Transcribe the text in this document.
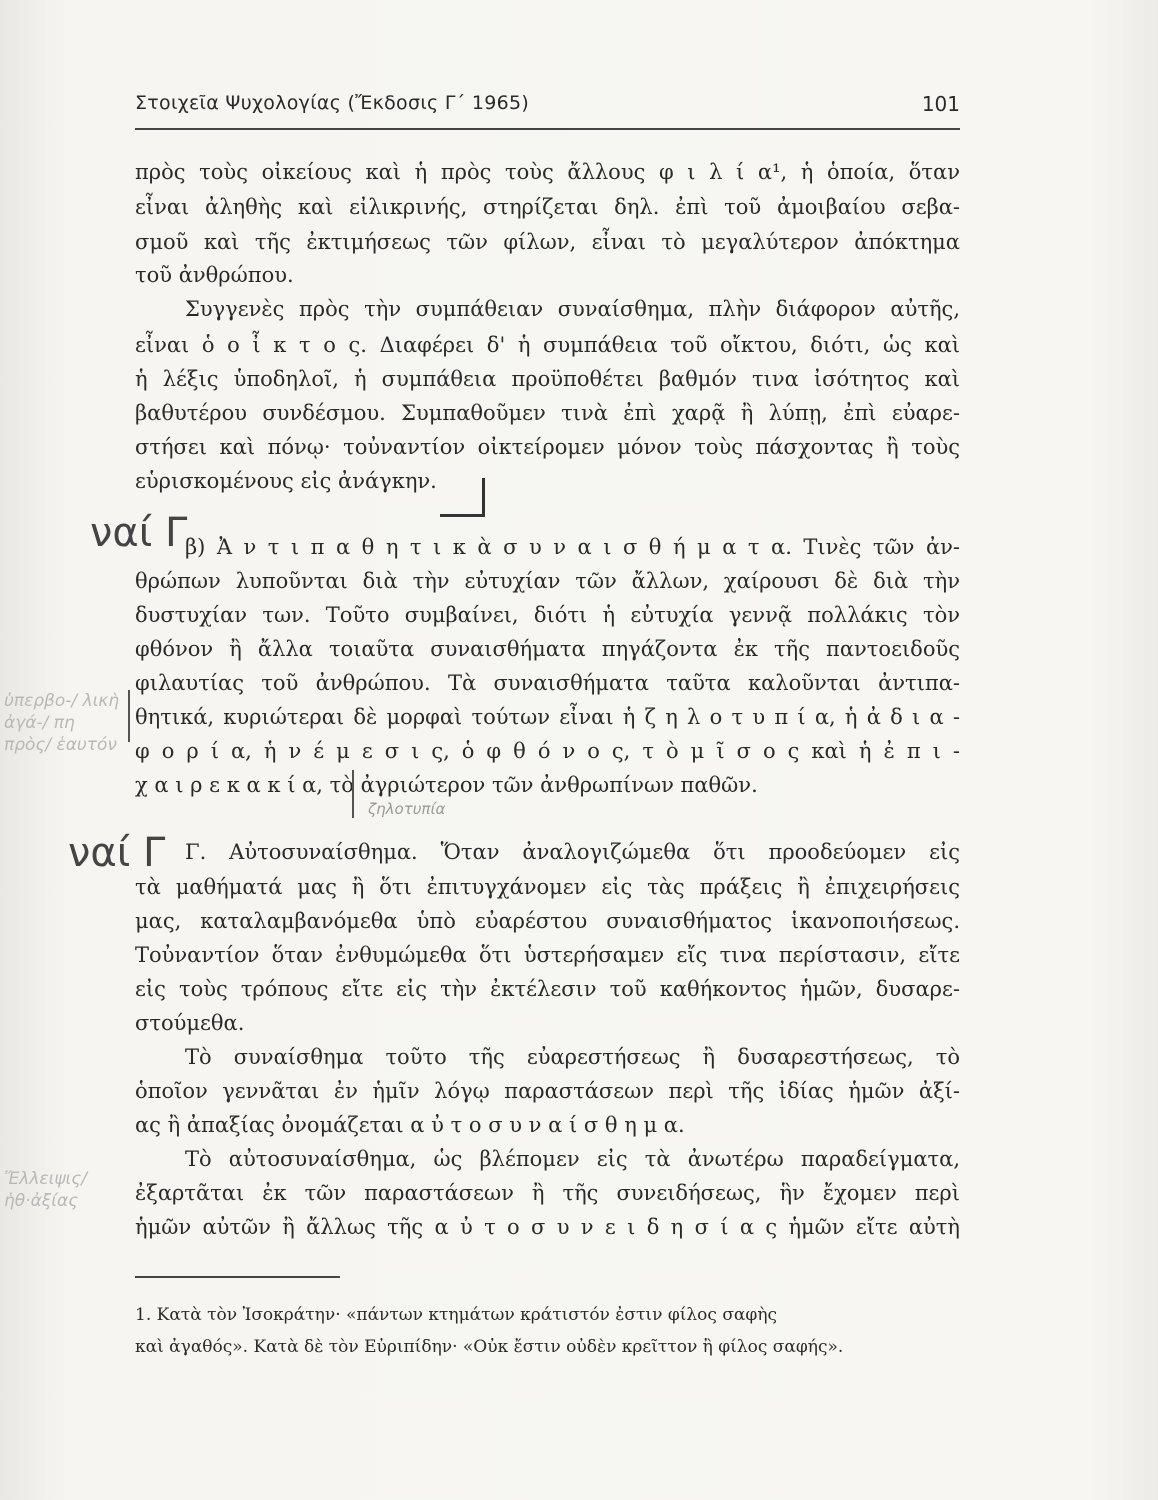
Στοιχεῖα Ψυχολογίας (Ἔκδοσις Γ΄ 1965)	101
πρὸς τοὺς οἰκείους καὶ ἡ πρὸς τοὺς ἄλλους φ ι λ ί α¹, ἡ ὁποία, ὅταν
εἶναι ἀληθὴς καὶ εἰλικρινής, στηρίζεται δηλ. ἐπὶ τοῦ ἀμοιβαίου σεβα-
σμοῦ καὶ τῆς ἐκτιμήσεως τῶν φίλων, εἶναι τὸ μεγαλύτερον ἀπόκτημα
τοῦ ἀνθρώπου.
Συγγενὲς πρὸς τὴν συμπάθειαν συναίσθημα, πλὴν διάφορον αὐτῆς,
εἶναι ὁ ο ἶ κ τ ο ς. Διαφέρει δ' ἡ συμπάθεια τοῦ οἴκτου, διότι, ὡς καὶ
ἡ λέξις ὑποδηλοῖ, ἡ συμπάθεια προϋποθέτει βαθμόν τινα ἰσότητος καὶ
βαθυτέρου συνδέσμου. Συμπαθοῦμεν τινὰ ἐπὶ χαρᾷ ἢ λύπῃ, ἐπὶ εὐαρε-
στήσει καὶ πόνῳ· τοὐναντίον οἰκτείρομεν μόνον τοὺς πάσχοντας ἢ τοὺς
εὑρισκομένους εἰς ἀνάγκην.
ναί Γ
β) Ἀ ν τ ι π α θ η τ ι κ ὰ σ υ ν α ι σ θ ή μ α τ α. Τινὲς τῶν ἀν-
θρώπων λυποῦνται διὰ τὴν εὐτυχίαν τῶν ἄλλων, χαίρουσι δὲ διὰ τὴν
δυστυχίαν των. Τοῦτο συμβαίνει, διότι ἡ εὐτυχία γεννᾷ πολλάκις τὸν
φθόνον ἢ ἄλλα τοιαῦτα συναισθήματα πηγάζοντα ἐκ τῆς παντοειδοῦς
φιλαυτίας τοῦ ἀνθρώπου. Τὰ συναισθήματα ταῦτα καλοῦνται ἀντιπα-
θητικά, κυριώτεραι δὲ μορφαὶ τούτων εἶναι ἡ ζ η λ ο τ υ π ί α, ἡ ἀ δ ι α -
φ ο ρ ί α, ἡ ν έ μ ε σ ι ς, ὁ φ θ ό ν ο ς, τ ὸ μ ῖ σ ο ς καὶ ἡ ἐ π ι -
χ α ι ρ ε κ α κ ί α, τὸ ἀγριώτερον τῶν ἀνθρωπίνων παθῶν.
ὑπερβο-/ λικὴ ἀγά-/ πη πρὸς/ ἑαυτόν
ζηλοτυπία
ναί Γ Γ. Αὐτοσυναίσθημα. Ὅταν ἀναλογιζώμεθα ὅτι προοδεύομεν εἰς
τὰ μαθήματά μας ἢ ὅτι ἐπιτυγχάνομεν εἰς τὰς πράξεις ἢ ἐπιχειρήσεις
μας, καταλαμβανόμεθα ὑπὸ εὐαρέστου συναισθήματος ἱκανοποιήσεως.
Τοὐναντίον ὅταν ἐνθυμώμεθα ὅτι ὑστερήσαμεν εἴς τινα περίστασιν, εἴτε
εἰς τοὺς τρόπους εἴτε εἰς τὴν ἐκτέλεσιν τοῦ καθήκοντος ἡμῶν, δυσαρε-
στούμεθα.
Τὸ συναίσθημα τοῦτο τῆς εὐαρεστήσεως ἢ δυσαρεστήσεως, τὸ
ὁποῖον γεννᾶται ἐν ἡμῖν λόγῳ παραστάσεων περὶ τῆς ἰδίας ἡμῶν ἀξί-
ας ἢ ἀπαξίας ὀνομάζεται α ὐ τ ο σ υ ν α ί σ θ η μ α.
Τὸ αὐτοσυναίσθημα, ὡς βλέπομεν εἰς τὰ ἀνωτέρω παραδείγματα,
ἐξαρτᾶται ἐκ τῶν παραστάσεων ἢ τῆς συνειδήσεως, ἣν ἔχομεν περὶ
ἡμῶν αὐτῶν ἢ ἄλλως τῆς α ὐ τ ο σ υ ν ε ι δ η σ ί α ς ἡμῶν εἴτε αὐτὴ
Ἔλλειψις/ ἡθ·ἀξίας
1. Κατὰ τὸν Ἰσοκράτην· «πάντων κτημάτων κράτιστόν ἐστιν φίλος σαφὴς
καὶ ἀγαθός». Κατὰ δὲ τὸν Εὐριπίδην· «Οὐκ ἔστιν οὐδὲν κρεῖττον ἢ φίλος σαφής».
